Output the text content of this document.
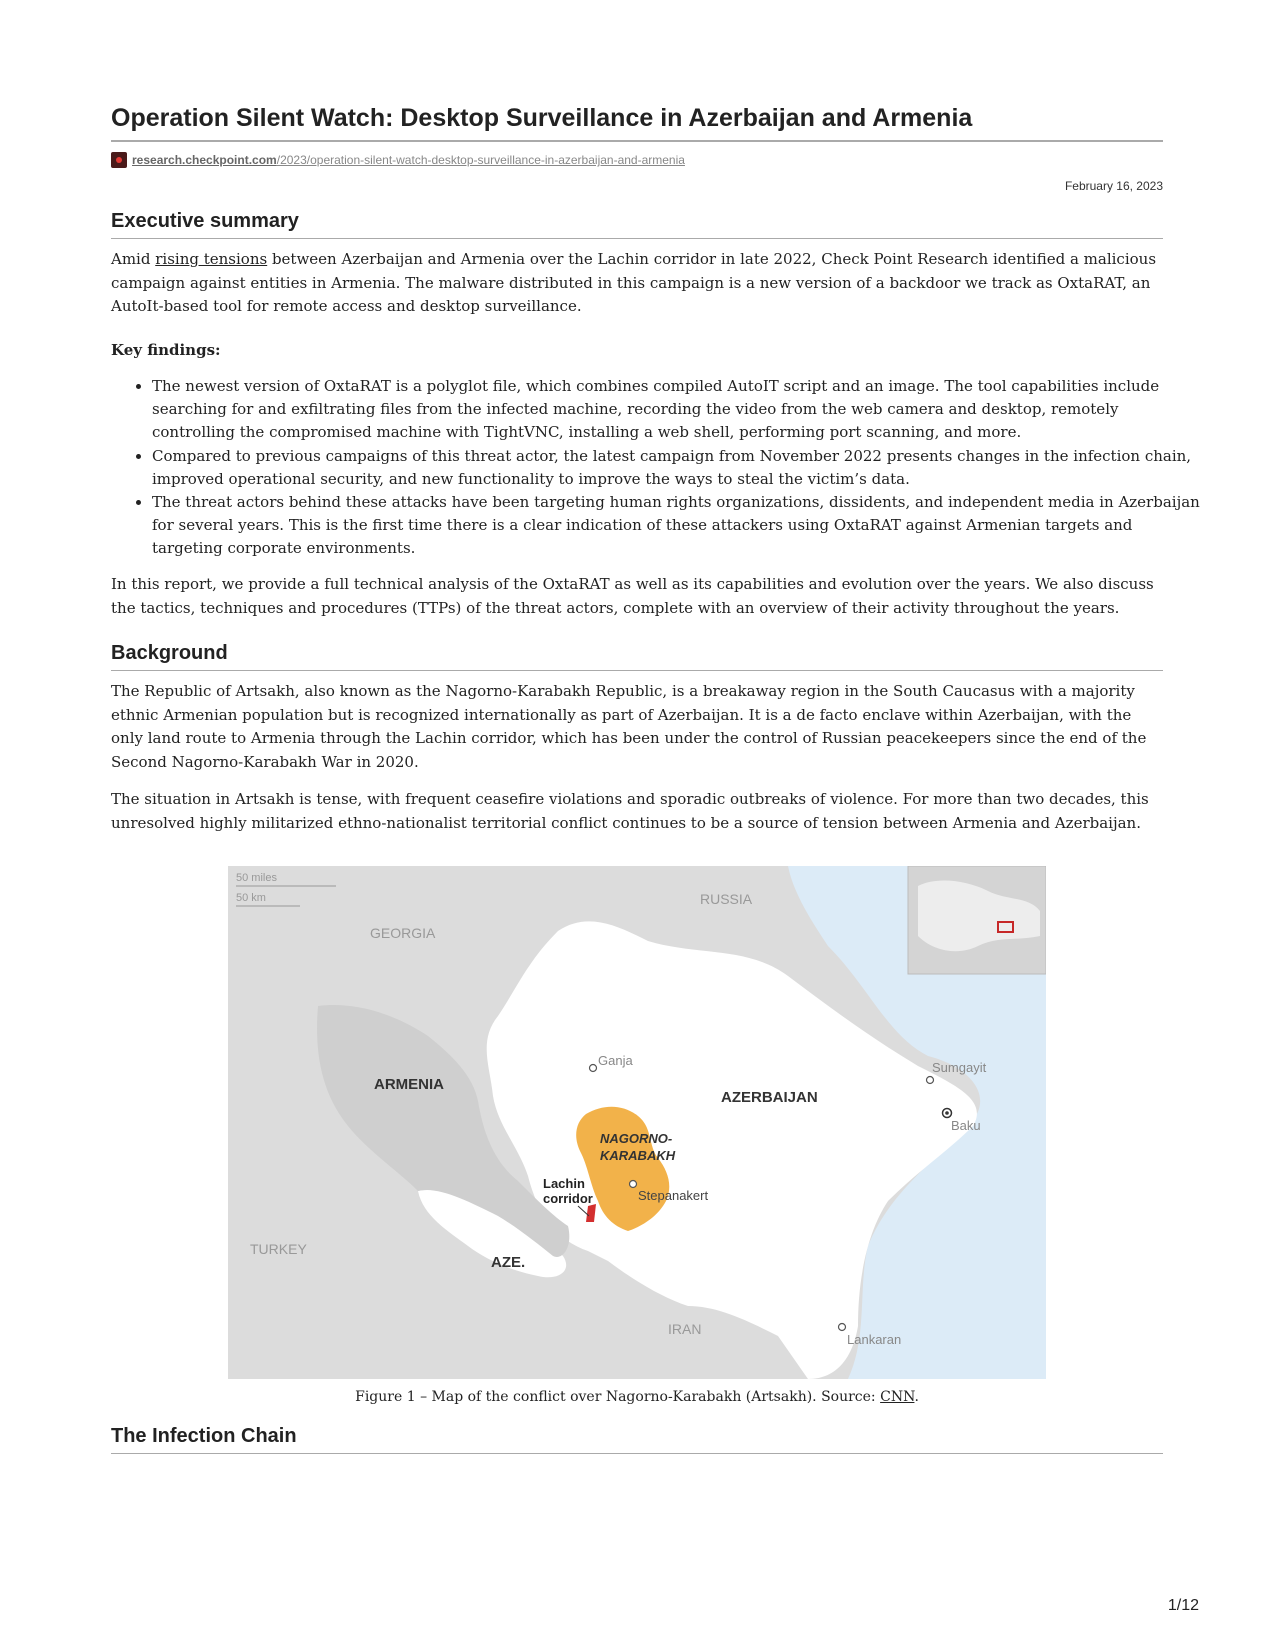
Operation Silent Watch: Desktop Surveillance in Azerbaijan and Armenia
research.checkpoint.com/2023/operation-silent-watch-desktop-surveillance-in-azerbaijan-and-armenia
February 16, 2023
Executive summary

Amid rising tensions between Azerbaijan and Armenia over the Lachin corridor in late 2022, Check Point Research identified a malicious campaign against entities in Armenia. The malware distributed in this campaign is a new version of a backdoor we track as OxtaRAT, an AutoIt-based tool for remote access and desktop surveillance.

Key findings:
• The newest version of OxtaRAT is a polyglot file, which combines compiled AutoIT script and an image. The tool capabilities include searching for and exfiltrating files from the infected machine, recording the video from the web camera and desktop, remotely controlling the compromised machine with TightVNC, installing a web shell, performing port scanning, and more.
• Compared to previous campaigns of this threat actor, the latest campaign from November 2022 presents changes in the infection chain, improved operational security, and new functionality to improve the ways to steal the victim’s data.
• The threat actors behind these attacks have been targeting human rights organizations, dissidents, and independent media in Azerbaijan for several years. This is the first time there is a clear indication of these attackers using OxtaRAT against Armenian targets and targeting corporate environments.

In this report, we provide a full technical analysis of the OxtaRAT as well as its capabilities and evolution over the years. We also discuss the tactics, techniques and procedures (TTPs) of the threat actors, complete with an overview of their activity throughout the years.

Background

The Republic of Artsakh, also known as the Nagorno-Karabakh Republic, is a breakaway region in the South Caucasus with a majority ethnic Armenian population but is recognized internationally as part of Azerbaijan. It is a de facto enclave within Azerbaijan, with the only land route to Armenia through the Lachin corridor, which has been under the control of Russian peacekeepers since the end of the Second Nagorno-Karabakh War in 2020.

The situation in Artsakh is tense, with frequent ceasefire violations and sporadic outbreaks of violence. For more than two decades, this unresolved highly militarized ethno-nationalist territorial conflict continues to be a source of tension between Armenia and Azerbaijan.

50 miles
50 km	RUSSIA
GEORGIA
ARMENIA
AZERBAIJAN
TURKEY
AZE.
IRAN
NAGORNO-
KARABAKH
Lachin
corridor
Ganja	Sumgayit
Baku
Stepanakert
Lankaran
Figure 1 – Map of the conflict over Nagorno-Karabakh (Artsakh). Source: CNN.
The Infection Chain
1/12
